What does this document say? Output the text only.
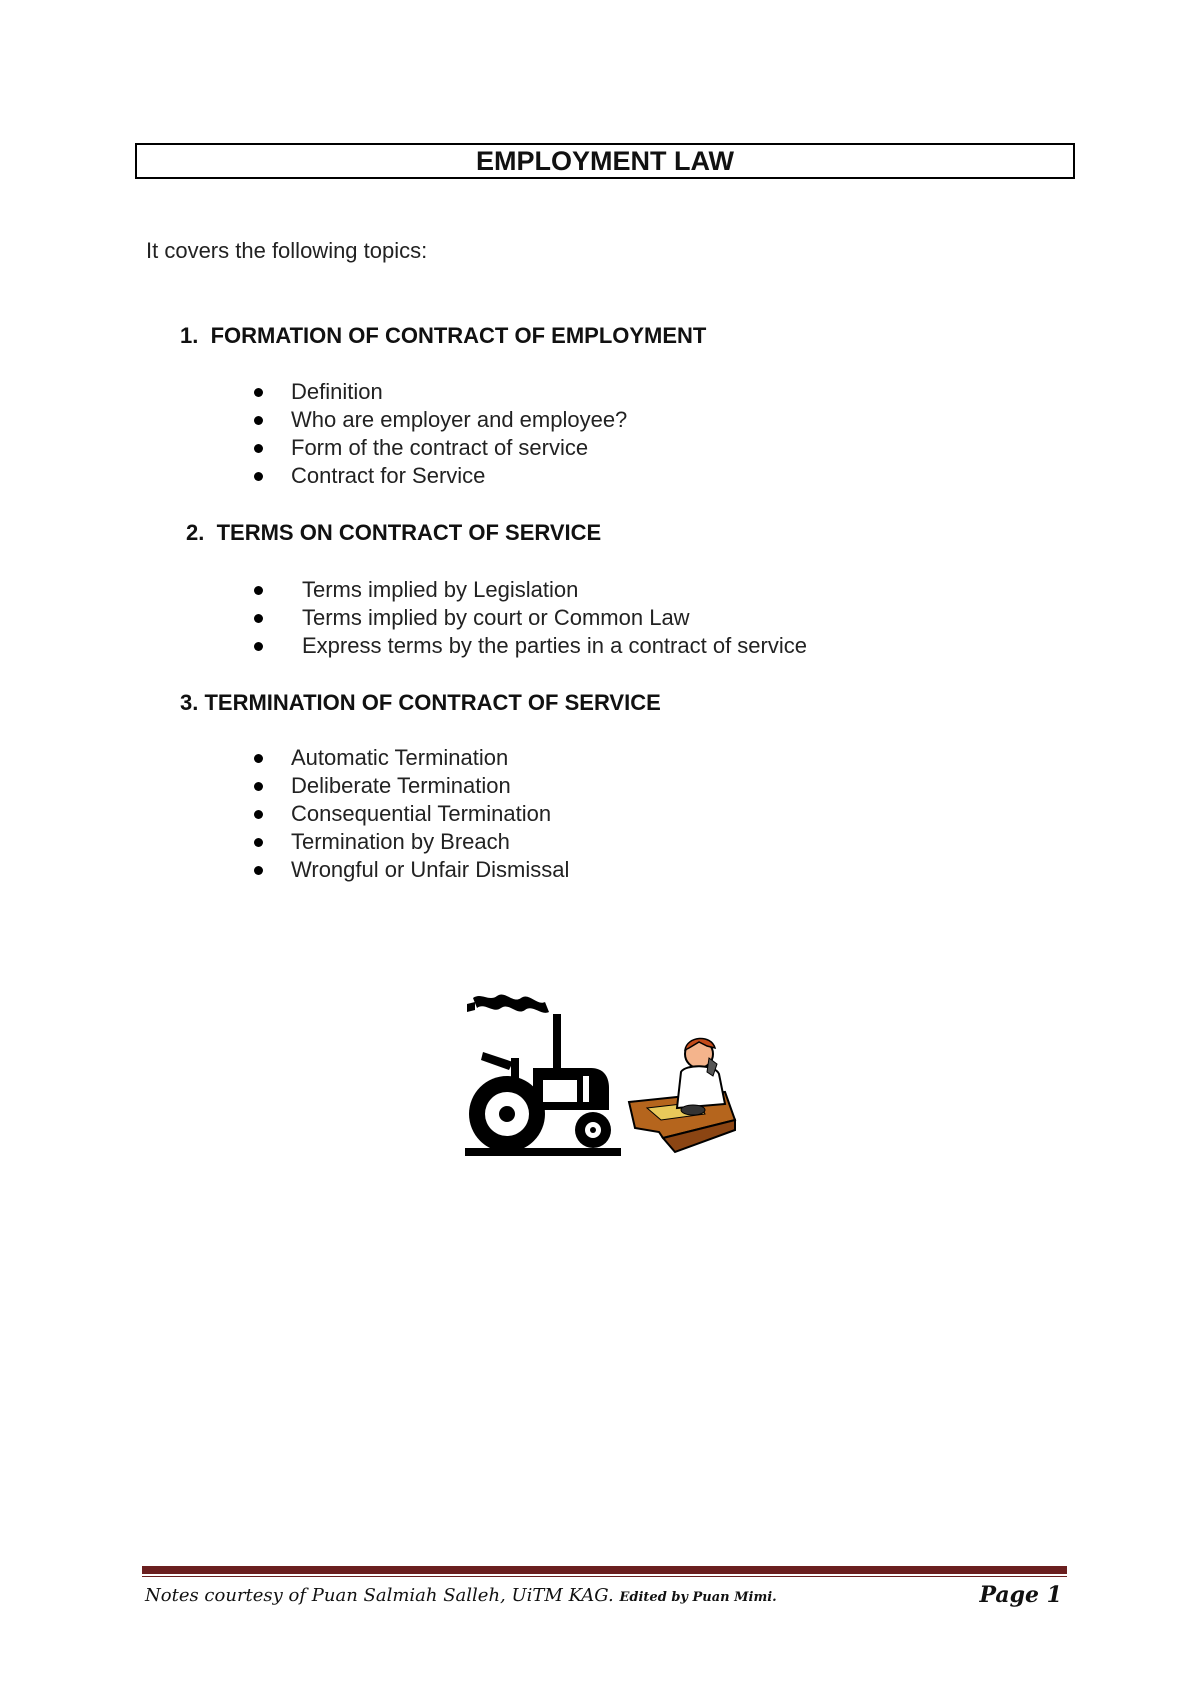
EMPLOYMENT LAW
It covers the following topics:
1. FORMATION OF CONTRACT OF EMPLOYMENT
Definition
Who are employer and employee?
Form of the contract of service
Contract for Service
2. TERMS ON CONTRACT OF SERVICE
Terms implied by Legislation
Terms implied by court or Common Law
Express terms by the parties in a contract of service
3. TERMINATION OF CONTRACT OF SERVICE
Automatic Termination
Deliberate Termination
Consequential Termination
Termination by Breach
Wrongful or Unfair Dismissal
Notes courtesy of Puan Salmiah Salleh, UiTM KAG. Edited by Puan Mimi.	Page 1
